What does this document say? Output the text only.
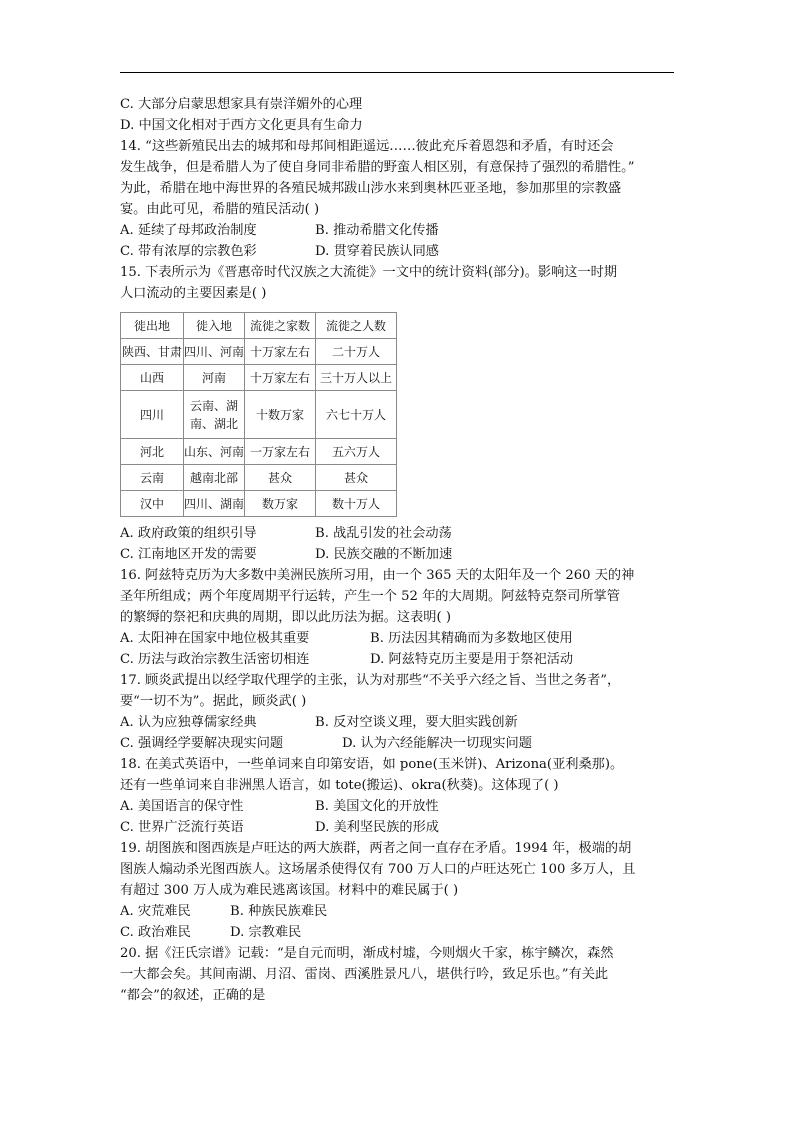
C. 大部分启蒙思想家具有崇洋媚外的心理
D. 中国文化相对于西方文化更具有生命力
14. “这些新殖民出去的城邦和母邦间相距遥远……彼此充斥着恩怨和矛盾，有时还会
发生战争，但是希腊人为了使自身同非希腊的野蛮人相区别，有意保持了强烈的希腊性。”
为此，希腊在地中海世界的各殖民城邦跋山涉水来到奥林匹亚圣地，参加那里的宗教盛
宴。由此可见，希腊的殖民活动( )
A. 延续了母邦政治制度	B. 推动希腊文化传播
C. 带有浓厚的宗教色彩	D. 贯穿着民族认同感
15. 下表所示为《晋惠帝时代汉族之大流徙》一文中的统计资料(部分)。影响这一时期
人口流动的主要因素是( )
徙出地	徙入地	流徙之家数	流徙之人数
陕西、甘肃	四川、河南	十万家左右	二十万人
山西	河南	十万家左右	三十万人以上
四川	云南、湖南、湖北	十数万家	六七十万人
河北	山东、河南	一万家左右	五六万人
云南	越南北部	甚众	甚众
汉中	四川、湖南	数万家	数十万人
A. 政府政策的组织引导	B. 战乱引发的社会动荡
C. 江南地区开发的需要	D. 民族交融的不断加速
16. 阿兹特克历为大多数中美洲民族所习用，由一个 365 天的太阳年及一个 260 天的神
圣年所组成；两个年度周期平行运转，产生一个 52 年的大周期。阿兹特克祭司所掌管
的繁缛的祭祀和庆典的周期，即以此历法为据。这表明( )
A. 太阳神在国家中地位极其重要	B. 历法因其精确而为多数地区使用
C. 历法与政治宗教生活密切相连	D. 阿兹特克历主要是用于祭祀活动
17. 顾炎武提出以经学取代理学的主张，认为对那些“不关乎六经之旨、当世之务者”，
要“一切不为”。据此，顾炎武( )
A. 认为应独尊儒家经典	B. 反对空谈义理，要大胆实践创新
C. 强调经学要解决现实问题	D. 认为六经能解决一切现实问题
18. 在美式英语中，一些单词来自印第安语，如 pone(玉米饼)、Arizona(亚利桑那)。
还有一些单词来自非洲黑人语言，如 tote(搬运)、okra(秋葵)。这体现了( )
A. 美国语言的保守性	B. 美国文化的开放性
C. 世界广泛流行英语	D. 美利坚民族的形成
19. 胡图族和图西族是卢旺达的两大族群，两者之间一直存在矛盾。1994 年，极端的胡
图族人煽动杀光图西族人。这场屠杀使得仅有 700 万人口的卢旺达死亡 100 多万人，且
有超过 300 万人成为难民逃离该国。材料中的难民属于( )
A. 灾荒难民	B. 种族民族难民
C. 政治难民	D. 宗教难民
20. 据《汪氏宗谱》记载：“是自元而明，渐成村墟，今则烟火千家，栋宇鳞次，森然
一大都会矣。其间南湖、月沼、雷岗、西溪胜景凡八，堪供行吟，致足乐也。”有关此
“都会”的叙述，正确的是
